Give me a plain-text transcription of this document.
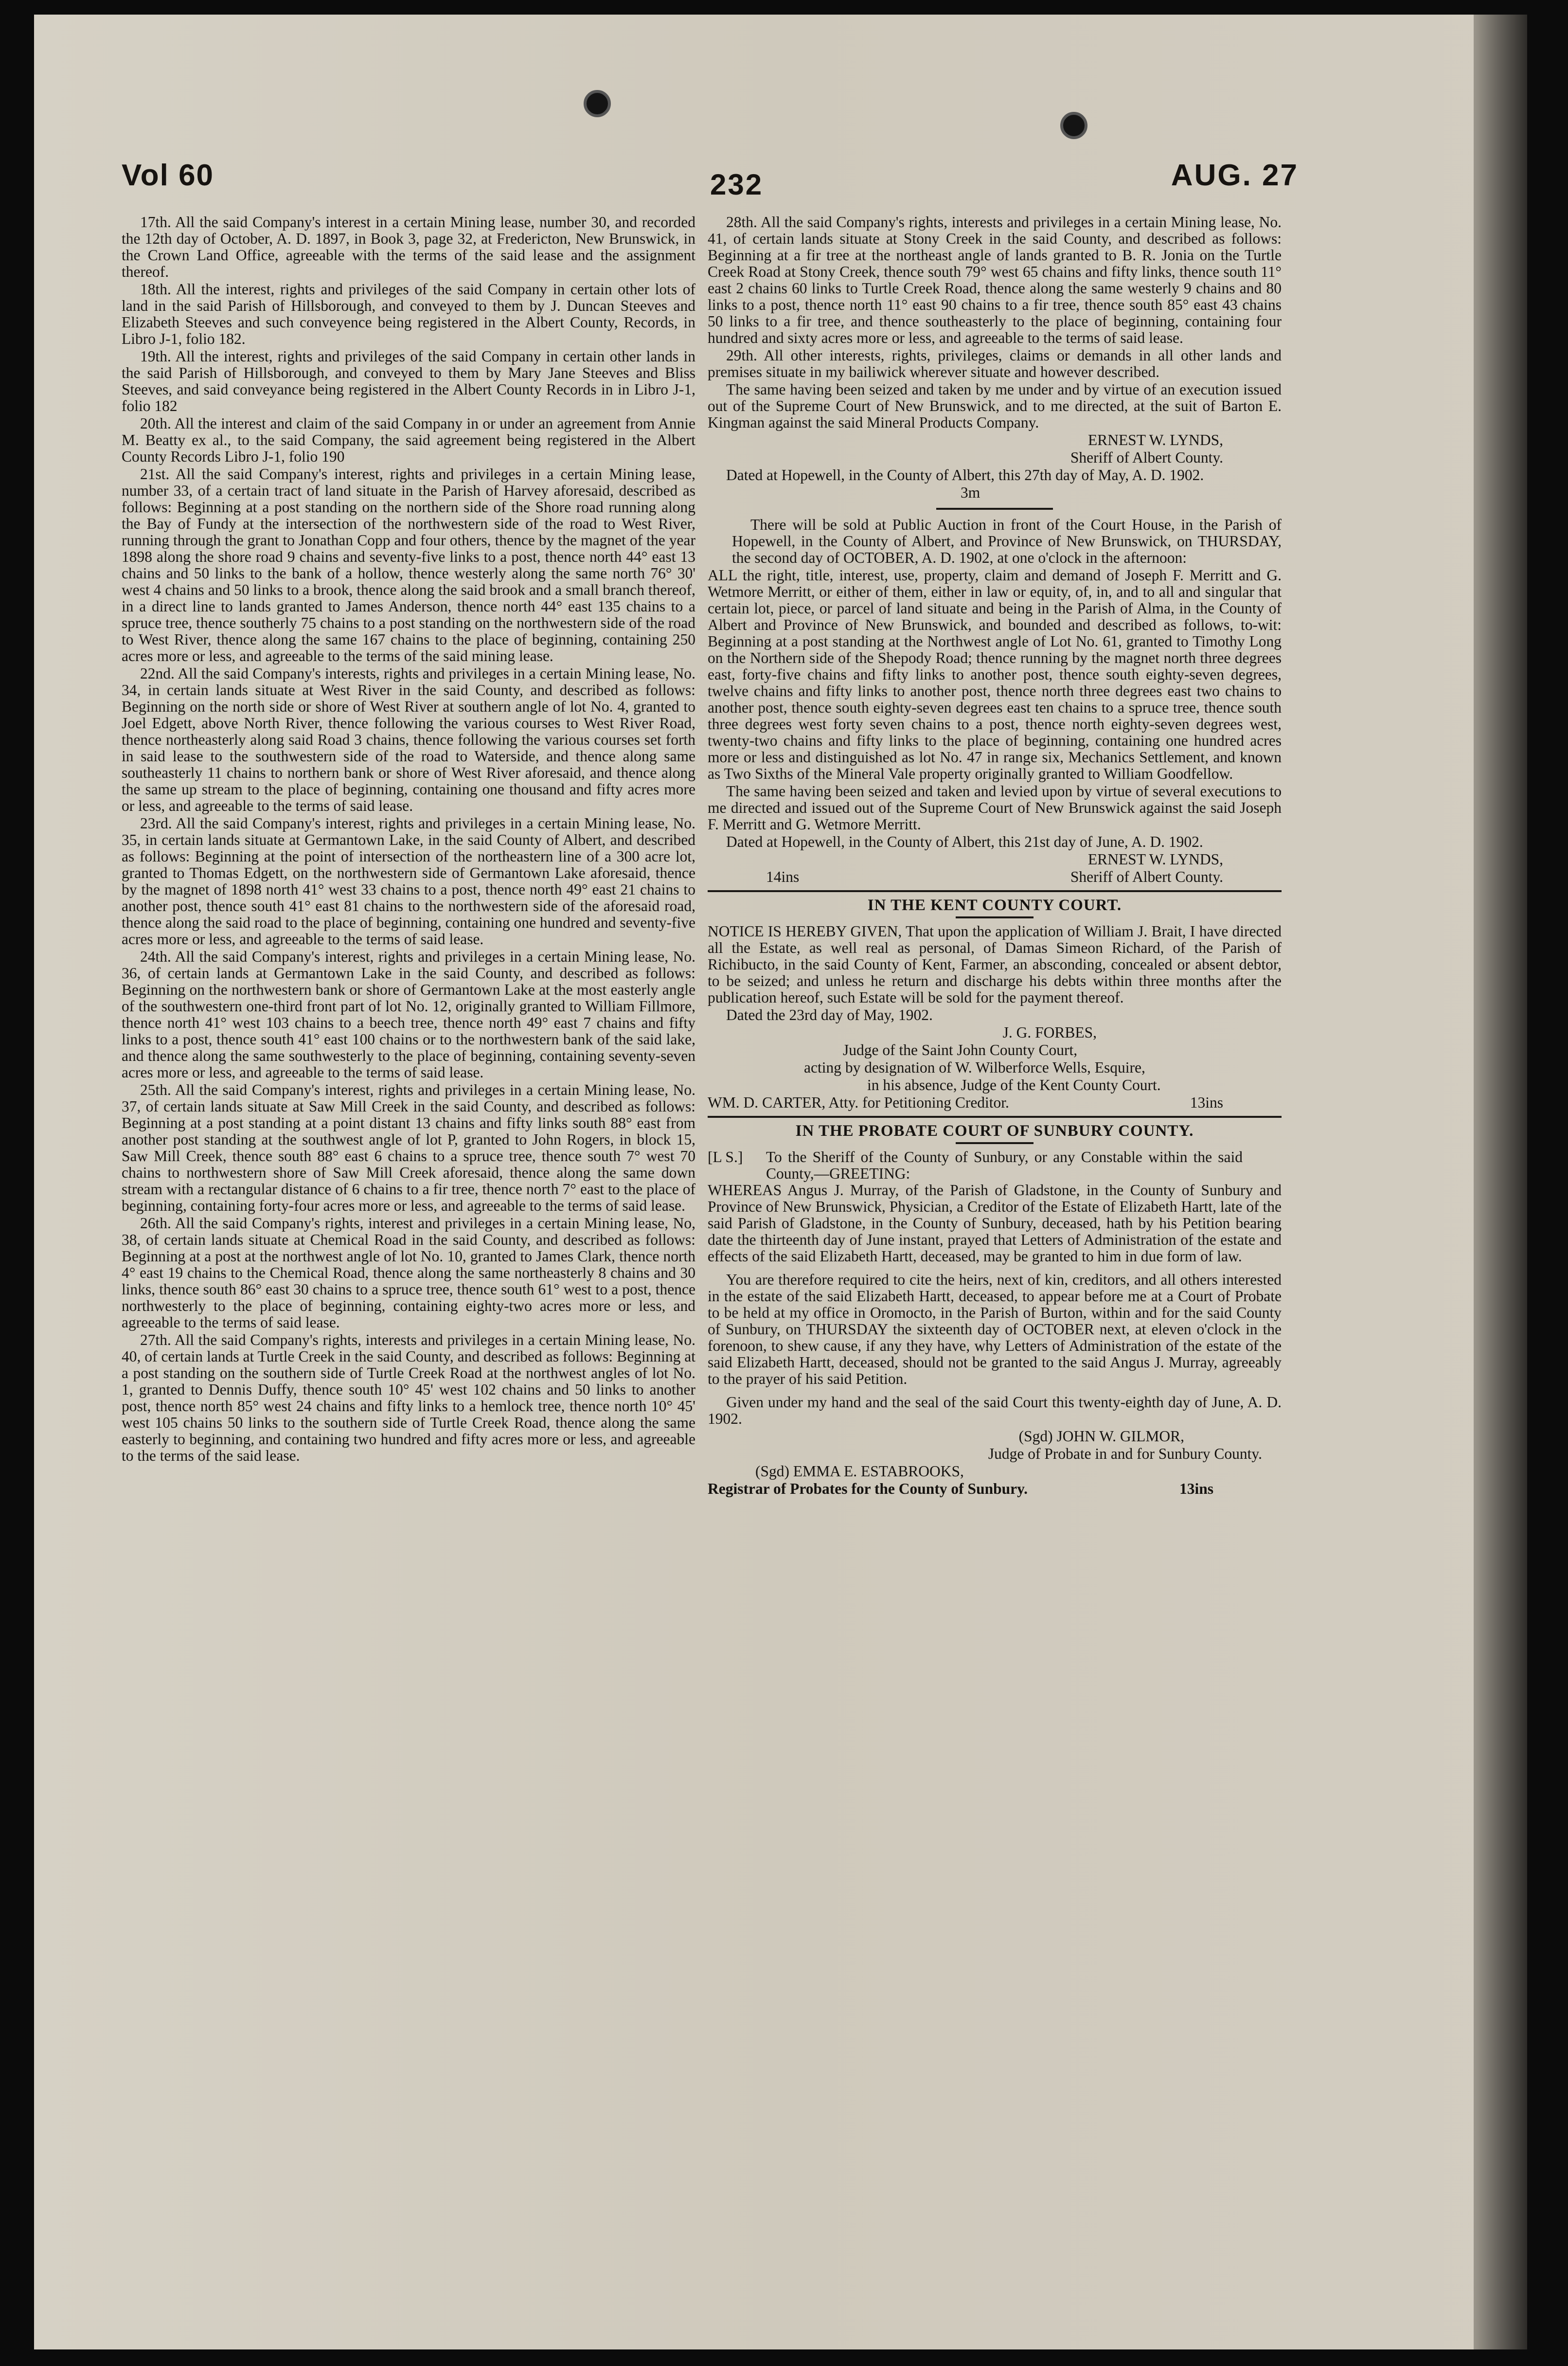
Vol 60	232	AUG. 27

17th. All the said Company's interest in a certain Mining lease, number 30, and recorded the 12th day of October, A. D. 1897, in Book 3, page 32, at Fredericton, New Brunswick, in the Crown Land Office, agreeable with the terms of the said lease and the assignment thereof.

18th. All the interest, rights and privileges of the said Company in certain other lots of land in the said Parish of Hillsborough, and conveyed to them by J. Duncan Steeves and Elizabeth Steeves and such conveyence being registered in the Albert County, Records, in Libro J-1, folio 182.

19th. All the interest, rights and privileges of the said Company in certain other lands in the said Parish of Hillsborough, and conveyed to them by Mary Jane Steeves and Bliss Steeves, and said conveyance being registered in the Albert County Records in in Libro J-1, folio 182

20th. All the interest and claim of the said Company in or under an agreement from Annie M. Beatty ex al., to the said Company, the said agreement being registered in the Albert County Records Libro J-1, folio 190

21st. All the said Company's interest, rights and privileges in a certain Mining lease, number 33, of a certain tract of land situate in the Parish of Harvey aforesaid, described as follows: Beginning at a post standing on the northern side of the Shore road running along the Bay of Fundy at the intersection of the northwestern side of the road to West River, running through the grant to Jonathan Copp and four others, thence by the magnet of the year 1898 along the shore road 9 chains and seventy-five links to a post, thence north 44° east 13 chains and 50 links to the bank of a hollow, thence westerly along the same north 76° 30' west 4 chains and 50 links to a brook, thence along the said brook and a small branch thereof, in a direct line to lands granted to James Anderson, thence north 44° east 135 chains to a spruce tree, thence southerly 75 chains to a post standing on the northwestern side of the road to West River, thence along the same 167 chains to the place of beginning, containing 250 acres more or less, and agreeable to the terms of the said mining lease.

22nd. All the said Company's interests, rights and privileges in a certain Mining lease, No. 34, in certain lands situate at West River in the said County, and described as follows: Beginning on the north side or shore of West River at southern angle of lot No. 4, granted to Joel Edgett, above North River, thence following the various courses to West River Road, thence northeasterly along said Road 3 chains, thence following the various courses set forth in said lease to the southwestern side of the road to Waterside, and thence along same southeasterly 11 chains to northern bank or shore of West River aforesaid, and thence along the same up stream to the place of beginning, containing one thousand and fifty acres more or less, and agreeable to the terms of said lease.

23rd. All the said Company's interest, rights and privileges in a certain Mining lease, No. 35, in certain lands situate at Germantown Lake, in the said County of Albert, and described as follows: Beginning at the point of intersection of the northeastern line of a 300 acre lot, granted to Thomas Edgett, on the northwestern side of Germantown Lake aforesaid, thence by the magnet of 1898 north 41° west 33 chains to a post, thence north 49° east 21 chains to another post, thence south 41° east 81 chains to the northwestern side of the aforesaid road, thence along the said road to the place of beginning, containing one hundred and seventy-five acres more or less, and agreeable to the terms of said lease.

24th. All the said Company's interest, rights and privileges in a certain Mining lease, No. 36, of certain lands at Germantown Lake in the said County, and described as follows: Beginning on the northwestern bank or shore of Germantown Lake at the most easterly angle of the southwestern one-third front part of lot No. 12, originally granted to William Fillmore, thence north 41° west 103 chains to a beech tree, thence north 49° east 7 chains and fifty links to a post, thence south 41° east 100 chains or to the northwestern bank of the said lake, and thence along the same southwesterly to the place of beginning, containing seventy-seven acres more or less, and agreeable to the terms of said lease.

25th. All the said Company's interest, rights and privileges in a certain Mining lease, No. 37, of certain lands situate at Saw Mill Creek in the said County, and described as follows: Beginning at a post standing at a point distant 13 chains and fifty links south 88° east from another post standing at the southwest angle of lot P, granted to John Rogers, in block 15, Saw Mill Creek, thence south 88° east 6 chains to a spruce tree, thence south 7° west 70 chains to northwestern shore of Saw Mill Creek aforesaid, thence along the same down stream with a rectangular distance of 6 chains to a fir tree, thence north 7° east to the place of beginning, containing forty-four acres more or less, and agreeable to the terms of said lease.

26th. All the said Company's rights, interest and privileges in a certain Mining lease, No, 38, of certain lands situate at Chemical Road in the said County, and described as follows: Beginning at a post at the northwest angle of lot No. 10, granted to James Clark, thence north 4° east 19 chains to the Chemical Road, thence along the same northeasterly 8 chains and 30 links, thence south 86° east 30 chains to a spruce tree, thence south 61° west to a post, thence northwesterly to the place of beginning, containing eighty-two acres more or less, and agreeable to the terms of said lease.

27th. All the said Company's rights, interests and privileges in a certain Mining lease, No. 40, of certain lands at Turtle Creek in the said County, and described as follows: Beginning at a post standing on the southern side of Turtle Creek Road at the northwest angles of lot No. 1, granted to Dennis Duffy, thence south 10° 45' west 102 chains and 50 links to another post, thence north 85° west 24 chains and fifty links to a hemlock tree, thence north 10° 45' west 105 chains 50 links to the southern side of Turtle Creek Road, thence along the same easterly to beginning, and containing two hundred and fifty acres more or less, and agreeable to the terms of the said lease.

28th. All the said Company's rights, interests and privileges in a certain Mining lease, No. 41, of certain lands situate at Stony Creek in the said County, and described as follows: Beginning at a fir tree at the northeast angle of lands granted to B. R. Jonia on the Turtle Creek Road at Stony Creek, thence south 79° west 65 chains and fifty links, thence south 11° east 2 chains 60 links to Turtle Creek Road, thence along the same westerly 9 chains and 80 links to a post, thence north 11° east 90 chains to a fir tree, thence south 85° east 43 chains 50 links to a fir tree, and thence southeasterly to the place of beginning, containing four hundred and sixty acres more or less, and agreeable to the terms of said lease.

29th. All other interests, rights, privileges, claims or demands in all other lands and premises situate in my bailiwick wherever situate and however described.

The same having been seized and taken by me under and by virtue of an execution issued out of the Supreme Court of New Brunswick, and to me directed, at the suit of Barton E. Kingman against the said Mineral Products Company.

ERNEST W. LYNDS,

Sheriff of Albert County.

Dated at Hopewell, in the County of Albert, this 27th day of May, A. D. 1902.

3m

There will be sold at Public Auction in front of the Court House, in the Parish of Hopewell, in the County of Albert, and Province of New Brunswick, on THURSDAY, the second day of OCTOBER, A. D. 1902, at one o'clock in the afternoon:

ALL the right, title, interest, use, property, claim and demand of Joseph F. Merritt and G. Wetmore Merritt, or either of them, either in law or equity, of, in, and to all and singular that certain lot, piece, or parcel of land situate and being in the Parish of Alma, in the County of Albert and Province of New Brunswick, and bounded and described as follows, to-wit: Beginning at a post standing at the Northwest angle of Lot No. 61, granted to Timothy Long on the Northern side of the Shepody Road; thence running by the magnet north three degrees east, forty-five chains and fifty links to another post, thence south eighty-seven degrees, twelve chains and fifty links to another post, thence north three degrees east two chains to another post, thence south eighty-seven degrees east ten chains to a spruce tree, thence south three degrees west forty seven chains to a post, thence north eighty-seven degrees west, twenty-two chains and fifty links to the place of beginning, containing one hundred acres more or less and distinguished as lot No. 47 in range six, Mechanics Settlement, and known as Two Sixths of the Mineral Vale property originally granted to William Goodfellow.

The same having been seized and taken and levied upon by virtue of several executions to me directed and issued out of the Supreme Court of New Brunswick against the said Joseph F. Merritt and G. Wetmore Merritt.

Dated at Hopewell, in the County of Albert, this 21st day of June, A. D. 1902.

ERNEST W. LYNDS,

14ins	Sheriff of Albert County.
IN THE KENT COUNTY COURT.

NOTICE IS HEREBY GIVEN, That upon the application of William J. Brait, I have directed all the Estate, as well real as personal, of Damas Simeon Richard, of the Parish of Richibucto, in the said County of Kent, Farmer, an absconding, concealed or absent debtor, to be seized; and unless he return and discharge his debts within three months after the publication hereof, such Estate will be sold for the payment thereof.

Dated the 23rd day of May, 1902.

J. G. FORBES,

Judge of the Saint John County Court,

acting by designation of W. Wilberforce Wells, Esquire,

in his absence, Judge of the Kent County Court.

WM. D. CARTER, Atty. for Petitioning Creditor.	13ins
IN THE PROBATE COURT OF SUNBURY COUNTY.
[L S.]	To the Sheriff of the County of Sunbury, or any Constable within the said County,—GREETING:

WHEREAS Angus J. Murray, of the Parish of Gladstone, in the County of Sunbury and Province of New Brunswick, Physician, a Creditor of the Estate of Elizabeth Hartt, late of the said Parish of Gladstone, in the County of Sunbury, deceased, hath by his Petition bearing date the thirteenth day of June instant, prayed that Letters of Administration of the estate and effects of the said Elizabeth Hartt, deceased, may be granted to him in due form of law.

You are therefore required to cite the heirs, next of kin, creditors, and all others interested in the estate of the said Elizabeth Hartt, deceased, to appear before me at a Court of Probate to be held at my office in Oromocto, in the Parish of Burton, within and for the said County of Sunbury, on THURSDAY the sixteenth day of OCTOBER next, at eleven o'clock in the forenoon, to shew cause, if any they have, why Letters of Administration of the estate of the said Elizabeth Hartt, deceased, should not be granted to the said Angus J. Murray, agreeably to the prayer of his said Petition.

Given under my hand and the seal of the said Court this twenty-eighth day of June, A. D. 1902.

(Sgd) JOHN W. GILMOR,

Judge of Probate in and for Sunbury County.

(Sgd) EMMA E. ESTABROOKS,

Registrar of Probates for the County of Sunbury.	13ins
